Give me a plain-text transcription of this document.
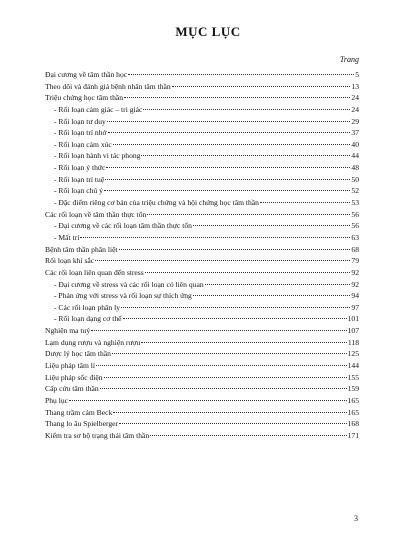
MỤC LỤC
Trang
Đại cương về tâm thần học	5
Theo dõi và đánh giá bệnh nhân tâm thần	13
Triệu chứng học tâm thần	24
- Rối loạn cảm giác – tri giác	24
- Rối loạn tư duy	29
- Rối loạn trí nhớ	37
- Rối loạn cảm xúc	40
- Rối loạn hành vi tác phong	44
- Rối loạn ý thức	48
- Rối loạn trí tuệ	50
- Rối loạn chú ý	52
- Đặc điểm riêng cơ bản của triệu chứng và hội chứng học tâm thần	53
Các rối loạn về tâm thần thực tổn	56
- Đại cương về các rối loạn tâm thần thực tổn	56
- Mất trí	63
Bệnh tâm thần phân liệt	68
Rối loạn khí sắc	79
Các rối loạn liên quan đến stress	92
- Đại cương về stress và các rối loạn có liên quan	92
- Phản ứng với stress và rối loạn sự thích ứng	94
- Các rối loạn phân ly	97
- Rối loạn dạng cơ thể	101
Nghiện ma tuý	107
Lạm dụng rượu và nghiện rượu	118
Dược lý học tâm thần	125
Liệu pháp tâm lí	144
Liệu pháp sốc điện	155
Cấp cứu tâm thần	159
Phụ lục	165
Thang trầm cảm Beck	165
Thang lo âu Spielberger	168
Kiểm tra sơ bộ trạng thái tâm thần	171
3
